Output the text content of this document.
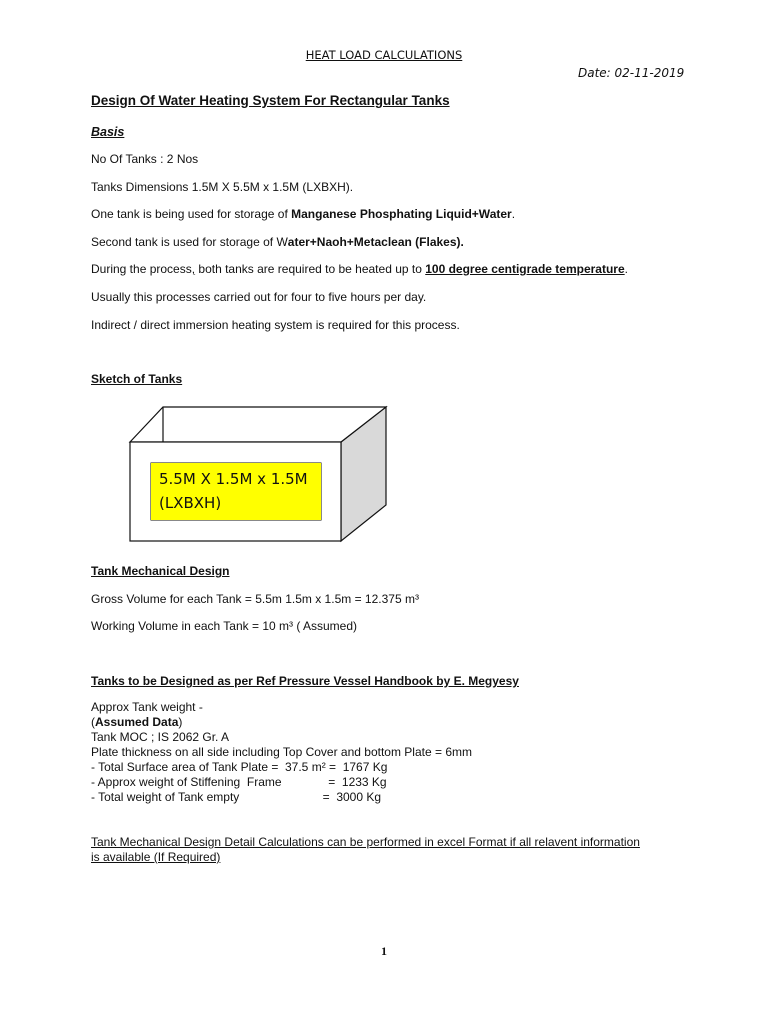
HEAT LOAD CALCULATIONS
Date: 02-11-2019
Design Of Water Heating System For Rectangular Tanks
Basis
No Of Tanks : 2 Nos
Tanks Dimensions 1.5M X 5.5M x 1.5M (LXBXH).
One tank is being used for storage of Manganese Phosphating Liquid+Water.
Second tank is used for storage of Water+Naoh+Metaclean (Flakes).
During the process, both tanks are required to be heated up to 100 degree centigrade temperature.
Usually this processes carried out for four to five hours per day.
Indirect / direct immersion heating system is required for this process.
Sketch of Tanks
5.5M X 1.5M x 1.5M
(LXBXH)
Tank Mechanical Design
Gross Volume for each Tank = 5.5m 1.5m x 1.5m = 12.375 m³
Working Volume in each Tank = 10 m³ ( Assumed)
Tanks to be Designed as per Ref Pressure Vessel Handbook by E. Megyesy

Approx Tank weight -

(Assumed Data)

Tank MOC ; IS 2062 Gr. A

Plate thickness on all side including Top Cover and bottom Plate = 6mm

- Total Surface area of Tank Plate =  37.5 m² =  1767 Kg

- Approx weight of Stiffening  Frame              =  1233 Kg

- Total weight of Tank empty                         =  3000 Kg

Tank Mechanical Design Detail Calculations can be performed in excel Format if all relavent information

is available (If Required)

1
